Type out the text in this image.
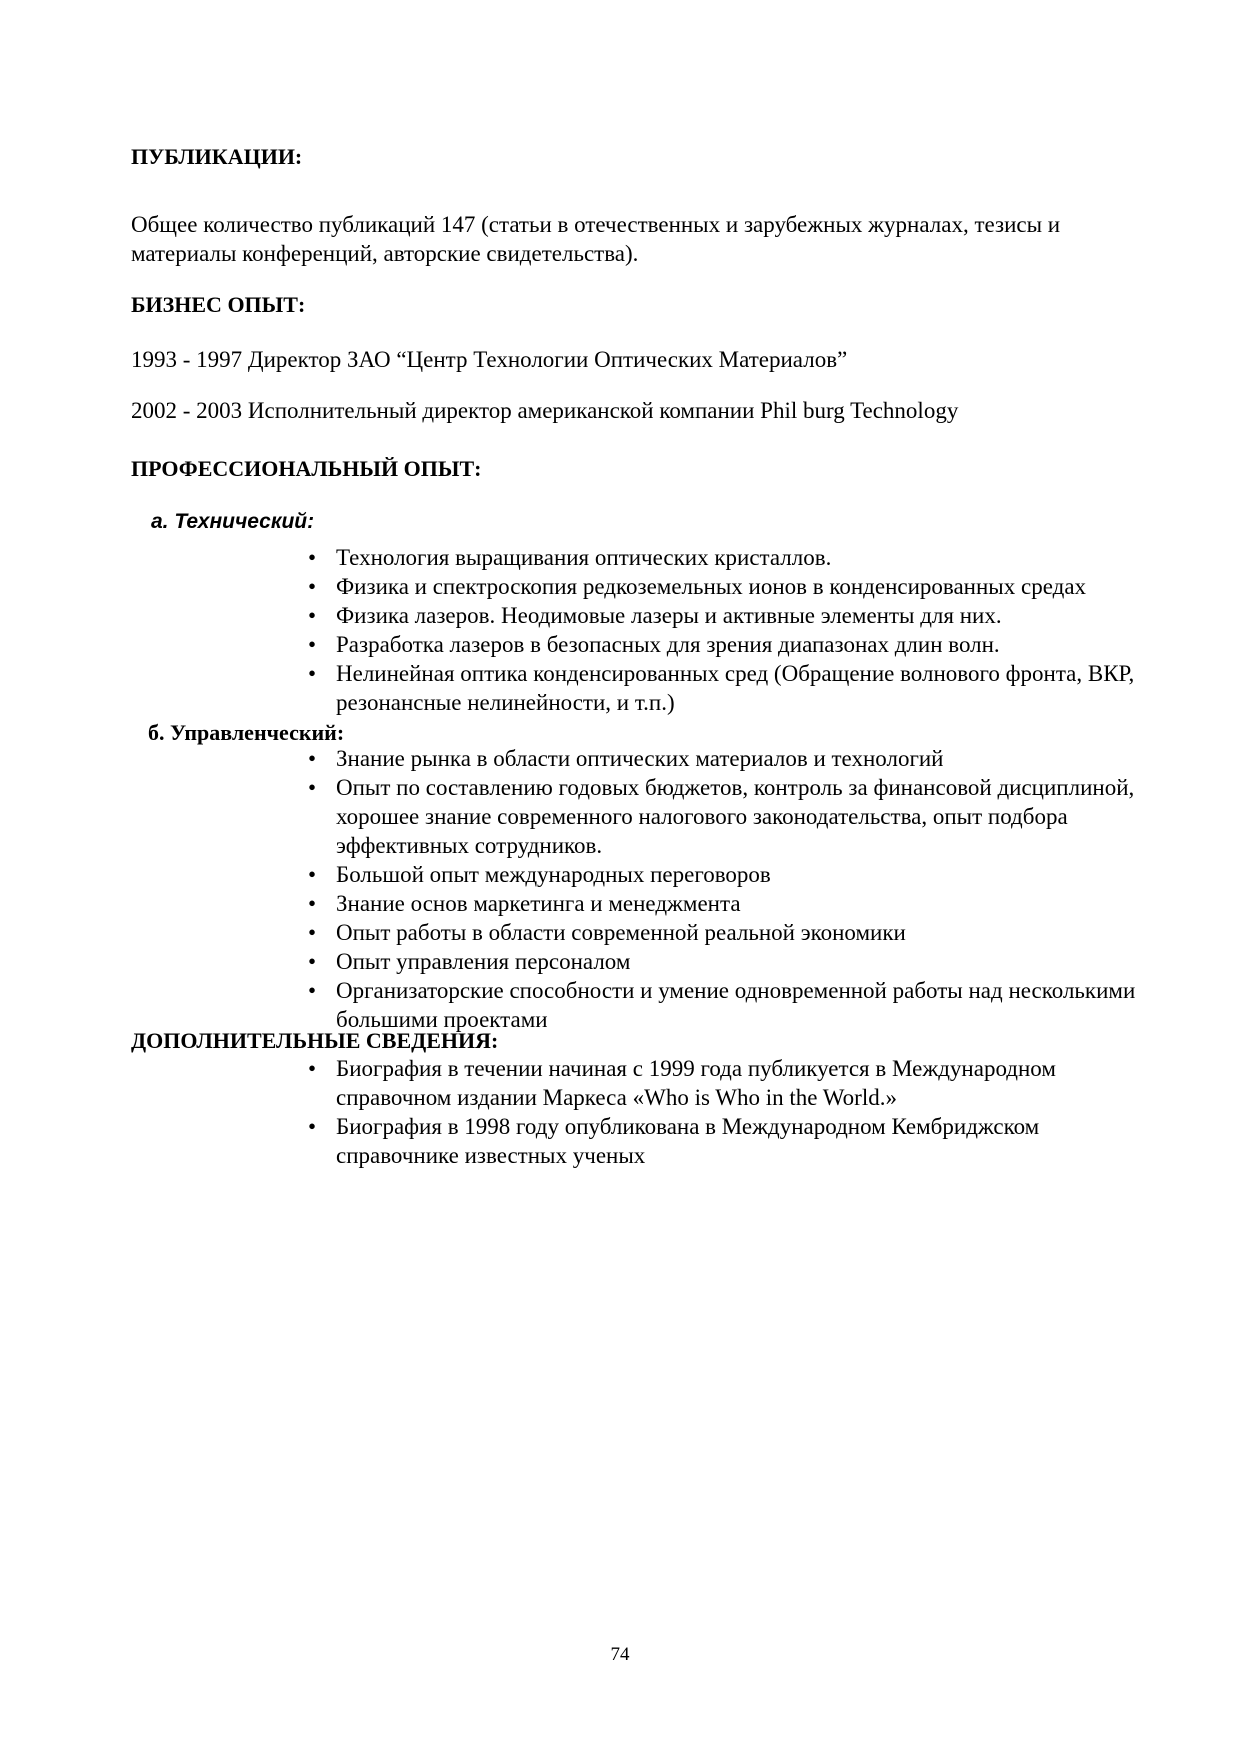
ПУБЛИКАЦИИ:

Общее количество публикаций 147 (статьи в отечественных и зарубежных журналах, тезисы и материалы конференций, авторские свидетельства).

БИЗНЕС ОПЫТ:

1993 - 1997 Директор ЗАО “Центр Технологии Оптических Материалов”

2002 - 2003 Исполнительный директор американской компании Phil burg Technology

ПРОФЕССИОНАЛЬНЫЙ ОПЫТ:
а. Технический:
• Технология выращивания оптических кристаллов.
• Физика и спектроскопия редкоземельных ионов в конденсированных средах
• Физика лазеров. Неодимовые лазеры и активные элементы для них.
• Разработка лазеров в безопасных для зрения диапазонах длин волн.
• Нелинейная оптика конденсированных сред (Обращение волнового фронта, ВКР, резонансные нелинейности, и т.п.)
б. Управленческий:
• Знание рынка в области оптических материалов и технологий
• Опыт по составлению годовых бюджетов, контроль за финансовой дисциплиной, хорошее знание современного налогового законодательства, опыт подбора эффективных сотрудников.
• Большой опыт международных переговоров
• Знание основ маркетинга и менеджмента
• Опыт работы в области современной реальной экономики
• Опыт управления персоналом
• Организаторские способности и умение одновременной работы над несколькими большими проектами
ДОПОЛНИТЕЛЬНЫЕ СВЕДЕНИЯ:
• Биография в течении начиная с 1999 года публикуется в Международном справочном издании Маркеса «Who is Who in the World.»
• Биография в 1998 году опубликована в Международном Кембриджском справочнике известных ученых
74
